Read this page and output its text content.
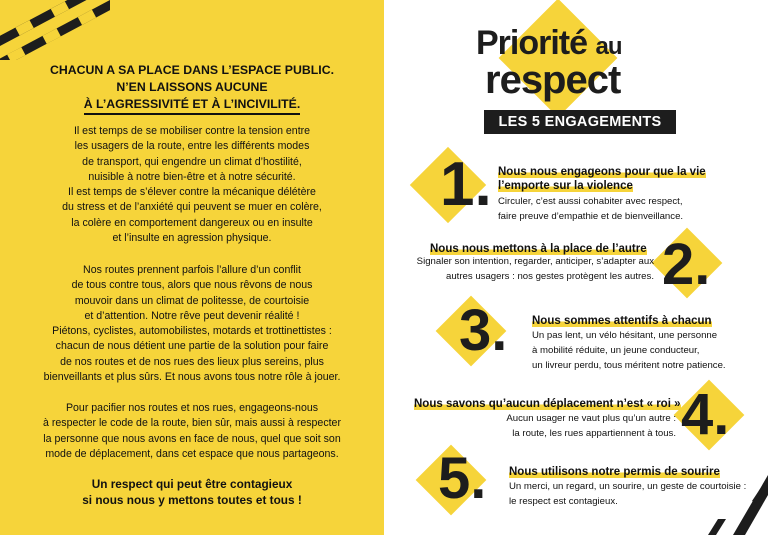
CHACUN A SA PLACE DANS L’ESPACE PUBLIC.
N’EN LAISSONS AUCUNE
À L’AGRESSIVITÉ ET À L’INCIVILITÉ.
Il est temps de se mobiliser contre la tension entre
les usagers de la route, entre les différents modes
de transport, qui engendre un climat d’hostilité,
nuisible à notre bien-être et à notre sécurité.
Il est temps de s’élever contre la mécanique délétère
du stress et de l’anxiété qui peuvent se muer en colère,
la colère en comportement dangereux ou en insulte
et l’insulte en agression physique.
Nos routes prennent parfois l’allure d’un conflit
de tous contre tous, alors que nous rêvons de nous
mouvoir dans un climat de politesse, de courtoisie
et d’attention. Notre rêve peut devenir réalité !
Piétons, cyclistes, automobilistes, motards et trottinettistes :
chacun de nous détient une partie de la solution pour faire
de nos routes et de nos rues des lieux plus sereins, plus
bienveillants et plus sûrs. Et nous avons tous notre rôle à jouer.
Pour pacifier nos routes et nos rues, engageons-nous
à respecter le code de la route, bien sûr, mais aussi à respecter
la personne que nous avons en face de nous, quel que soit son
mode de déplacement, dans cet espace que nous partageons.
Un respect qui peut être contagieux
si nous nous y mettons toutes et tous !
Priorité au
respect
LES 5 ENGAGEMENTS
1. Nous nous engageons pour que la vie
l’emporte sur la violence
Circuler, c’est aussi cohabiter avec respect,
faire preuve d’empathie et de bienveillance.
2.
Nous nous mettons à la place de l’autre
Signaler son intention, regarder, anticiper, s’adapter aux
autres usagers : nos gestes protègent les autres.
3. Nous sommes attentifs à chacun
Un pas lent, un vélo hésitant, une personne
à mobilité réduite, un jeune conducteur,
un livreur perdu, tous méritent notre patience.
4.
Nous savons qu’aucun déplacement n’est « roi »
Aucun usager ne vaut plus qu’un autre :
la route, les rues appartiennent à tous.
5. Nous utilisons notre permis de sourire
Un merci, un regard, un sourire, un geste de courtoisie :
le respect est contagieux.
